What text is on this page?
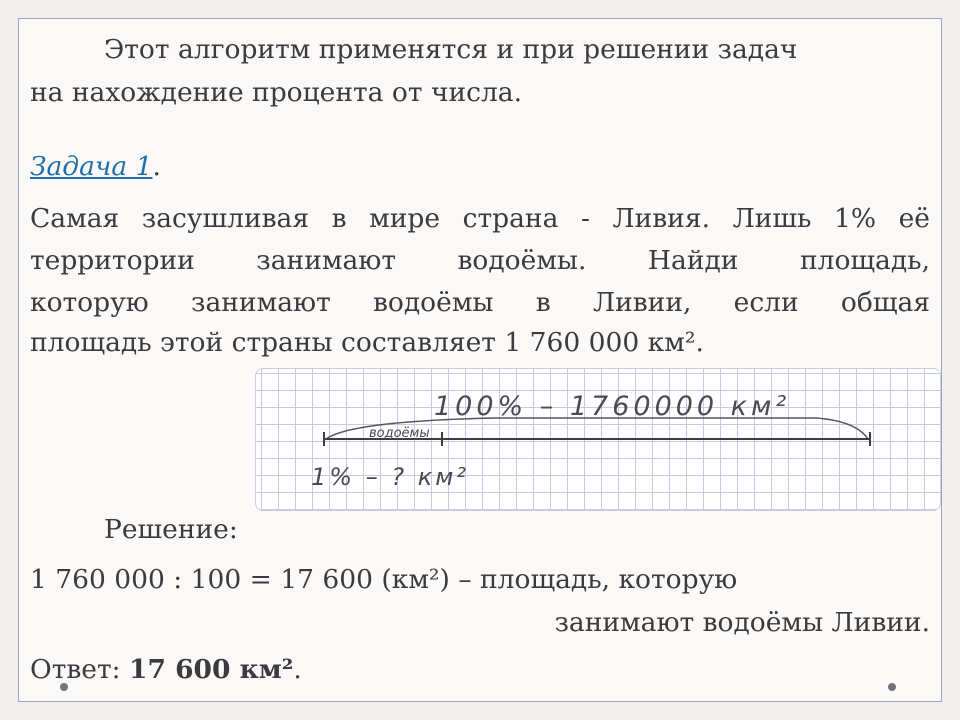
Этот алгоритм применятся и при решении задач
на нахождение процента от числа.
Задача 1.
Самая засушливая в мире страна - Ливия. Лишь 1% её
территории занимают водоёмы. Найди площадь,
которую занимают водоёмы в Ливии, если общая
площадь этой страны составляет 1 760 000 км².
100% – 1760000 км²
водоёмы
1% – ? км²
Решение:
1 760 000 : 100 = 17 600 (км²) – площадь, которую
занимают водоёмы Ливии.
Ответ: 17 600 км².
